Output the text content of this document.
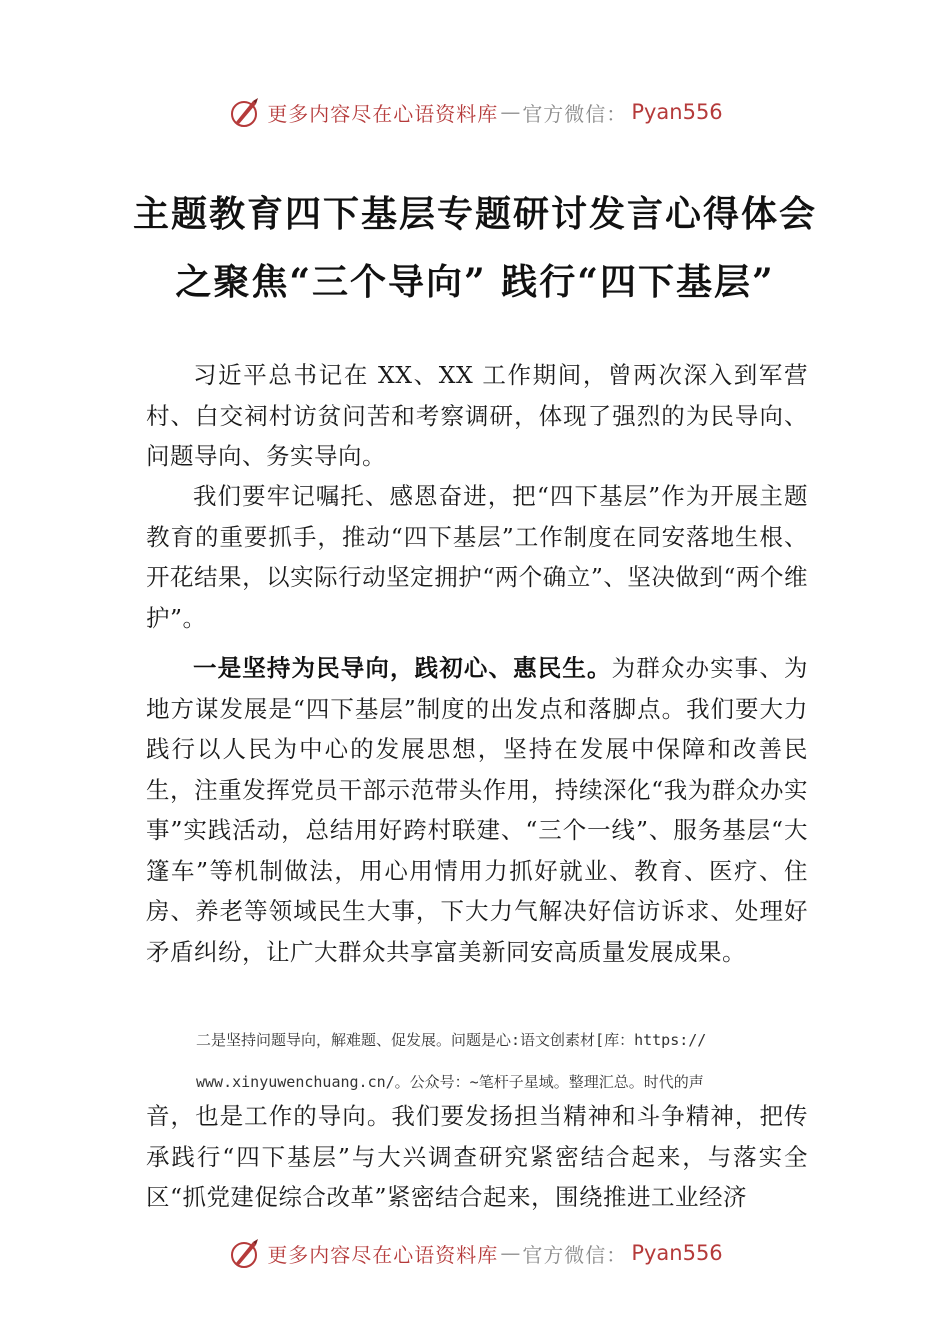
更多内容尽在心语资料库 — 官方微信： Pyan556
主题教育四下基层专题研讨发言心得体会
之聚焦“三个导向” 践行“四下基层”
习近平总书记在 XX、XX 工作期间，曾两次深入到军营村、白交祠村访贫问苦和考察调研，体现了强烈的为民导向、问题导向、务实导向。
我们要牢记嘱托、感恩奋进，把“四下基层”作为开展主题教育的重要抓手，推动“四下基层”工作制度在同安落地生根、开花结果，以实际行动坚定拥护“两个确立”、坚决做到“两个维护”。
一是坚持为民导向，践初心、惠民生。为群众办实事、为地方谋发展是“四下基层”制度的出发点和落脚点。我们要大力践行以人民为中心的发展思想，坚持在发展中保障和改善民生，注重发挥党员干部示范带头作用，持续深化“我为群众办实事”实践活动，总结用好跨村联建、“三个一线”、服务基层“大篷车”等机制做法，用心用情用力抓好就业、教育、医疗、住房、养老等领域民生大事，下大力气解决好信访诉求、处理好矛盾纠纷，让广大群众共享富美新同安高质量发展成果。
二是坚持问题导向，解难题、促发展。问题是心:语文创素材[库：https://
www.xinyuwenchuang.cn/。公众号：~笔杆子星域。整理汇总。时代的声
音，也是工作的导向。我们要发扬担当精神和斗争精神，把传承践行“四下基层”与大兴调查研究紧密结合起来，与落实全区“抓党建促综合改革”紧密结合起来，围绕推进工业经济
更多内容尽在心语资料库 — 官方微信： Pyan556
